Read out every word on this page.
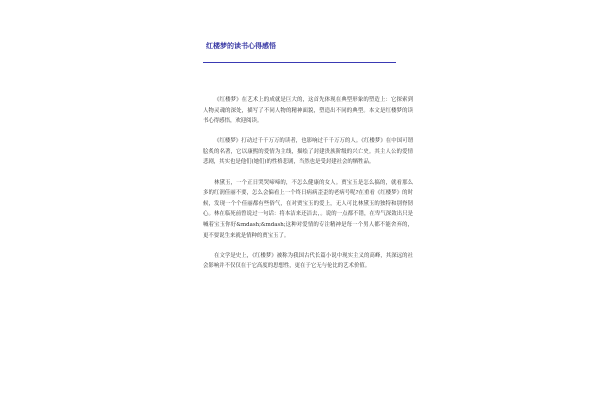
红楼梦的读书心得感悟

《红楼梦》在艺术上的成就是巨大的，这首先体现在典型形象的塑造上：它探索到人物灵魂的深处，描写了不同人物的精神面貌，塑造出不同的典型。本文是红楼梦的读书心得感悟，欢迎阅读。

《红楼梦》打动过千千万万的读者，也影响过千千万万的人。《红楼梦》在中国可谓脍炙的名著，它以康熙的爱情为主线，描绘了封建贵族阶级的兴亡史。其主人公的爱情悲剧，其实也是他们(她们)的性格悲剧，当然也是受封建社会的牺牲品。

林黛玉，一个正日哭哭啼啼的，不怎么健康的女人。贾宝玉是怎么搞的，就看那么多的红润佳丽不要，怎么会偏看上一个终日病病歪歪的老病号呢?在重看《红楼梦》的时候，发现一个个佳丽都有些俗气，在对贾宝玉的爱上，无人可比林黛玉的独特和别脊韧心。林在临死前曾说过一句话：将本洁来还洁去，。说的一点都不错，在卑气深敛出只是喊着宝玉你好&mdash;&mdash;这种对爱情的专注精神是每一个男人都不能舍弃的，更不要说生来就是情种的贾宝玉了。

在文学是史上，《红楼梦》被称为我国古代长篇小说中现实主义的高峰，其深远的社会影响并不仅仅在于它高度的思想性，更在于它无与伦比的艺术价值。
